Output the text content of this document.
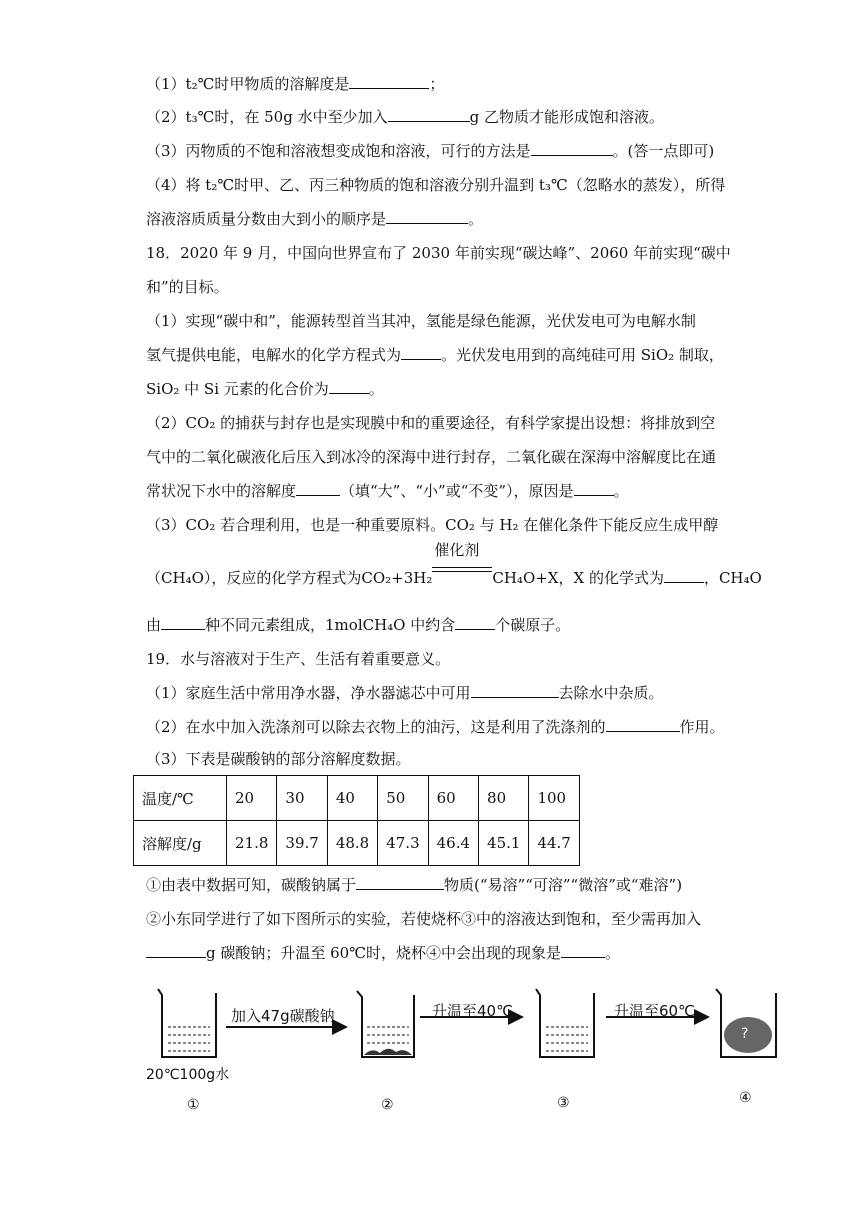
（1）t₂℃时甲物质的溶解度是	；
（2）t₃℃时，在 50g 水中至少加入	g 乙物质才能形成饱和溶液。
（3）丙物质的不饱和溶液想变成饱和溶液，可行的方法是	。(答一点即可)
（4）将 t₂℃时甲、乙、丙三种物质的饱和溶液分别升温到 t₃℃（忽略水的蒸发），所得
溶液溶质质量分数由大到小的顺序是	。
18．2020 年 9 月，中国向世界宣布了 2030 年前实现“碳达峰”、2060 年前实现“碳中
和”的目标。
（1）实现“碳中和”，能源转型首当其冲，氢能是绿色能源，光伏发电可为电解水制
氢气提供电能，电解水的化学方程式为	。光伏发电用到的高纯硅可用 SiO₂ 制取，
SiO₂ 中 Si 元素的化合价为	。
（2）CO₂ 的捕获与封存也是实现膜中和的重要途径，有科学家提出设想：将排放到空
气中的二氧化碳液化后压入到冰冷的深海中进行封存，二氧化碳在深海中溶解度比在通
常状况下水中的溶解度	（填“大”、“小”或“不变”），原因是	。
（3）CO₂ 若合理利用，也是一种重要原料。CO₂ 与 H₂ 在催化条件下能反应生成甲醇
（CH₄O），反应的化学方程式为CO₂+3H₂
催化剂
CH₄O+X，X 的化学式为	，CH₄O
由	种不同元素组成，1molCH₄O 中约含	个碳原子。
19．水与溶液对于生产、生活有着重要意义。
（1）家庭生活中常用净水器，净水器滤芯中可用	去除水中杂质。
（2）在水中加入洗涤剂可以除去衣物上的油污，这是利用了洗涤剂的	作用。
（3）下表是碳酸钠的部分溶解度数据。
温度/℃	20	30	40	50	60	80	100
溶解度/g	21.8	39.7	48.8	47.3	46.4	45.1	44.7
①由表中数据可知，碳酸钠属于	物质(“易溶”“可溶”“微溶”或“难溶”)
②小东同学进行了如下图所示的实验，若使烧杯③中的溶液达到饱和，至少需再加入
g 碳酸钠；升温至 60℃时，烧杯④中会出现的现象是	。
加入47g碳酸钠	升温至40℃	升温至60℃
?
20℃100g水
①	②	③	④
